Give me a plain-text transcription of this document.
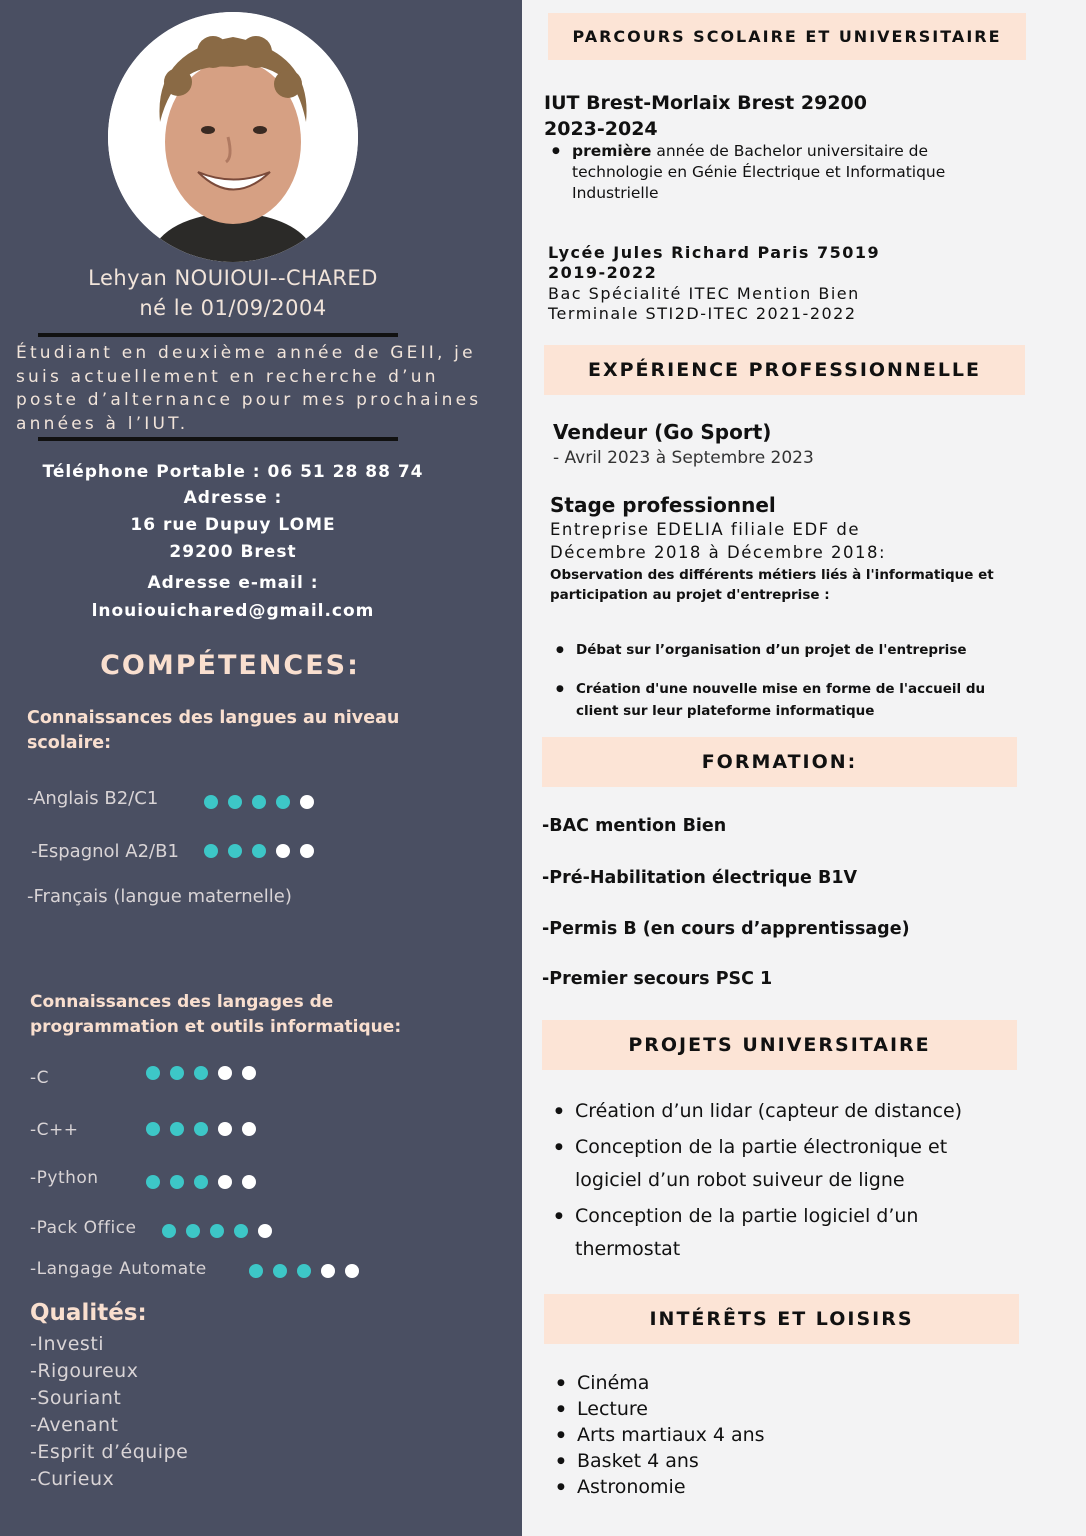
Lehyan NOUIOUI--CHARED
né le 01/09/2004
Étudiant en deuxième année de GEII, je suis actuellement en recherche d’un poste d’alternance pour mes prochaines années à l’IUT.
Téléphone Portable : 06 51 28 88 74
Adresse :
16 rue Dupuy LOME
29200 Brest
Adresse e-mail :
lnouiouichared@gmail.com
COMPÉTENCES:
Connaissances des langues au niveau scolaire:
-Anglais B2/C1
-Espagnol A2/B1
-Français (langue maternelle)
Connaissances des langages de programmation et outils informatique:
-C
-C++
-Python
-Pack Office
-Langage Automate
Qualités:
-Investi
-Rigoureux
-Souriant
-Avenant
-Esprit d’équipe
-Curieux
PARCOURS SCOLAIRE ET UNIVERSITAIRE
IUT Brest-Morlaix Brest 29200
2023-2024
● première année de Bachelor universitaire de technologie en Génie Électrique et Informatique Industrielle
Lycée Jules Richard Paris 75019
2019-2022
Bac Spécialité ITEC Mention Bien
Terminale STI2D-ITEC 2021-2022
EXPÉRIENCE PROFESSIONNELLE
Vendeur (Go Sport)
- Avril 2023 à Septembre 2023
Stage professionnel
Entreprise EDELIA filiale EDF de
Décembre 2018 à Décembre 2018:
Observation des différents métiers liés à l'informatique et participation au projet d'entreprise :
● Débat sur l’organisation d’un projet de l'entreprise
● Création d'une nouvelle mise en forme de l'accueil du client sur leur plateforme informatique
FORMATION:
-BAC mention Bien
-Pré-Habilitation électrique B1V
-Permis B (en cours d’apprentissage)
-Premier secours PSC 1
PROJETS UNIVERSITAIRE
● Création d’un lidar (capteur de distance)
● Conception de la partie électronique et logiciel d’un robot suiveur de ligne
● Conception de la partie logiciel d’un thermostat
INTÉRÊTS ET LOISIRS
● Cinéma
● Lecture
● Arts martiaux 4 ans
● Basket 4 ans
● Astronomie
